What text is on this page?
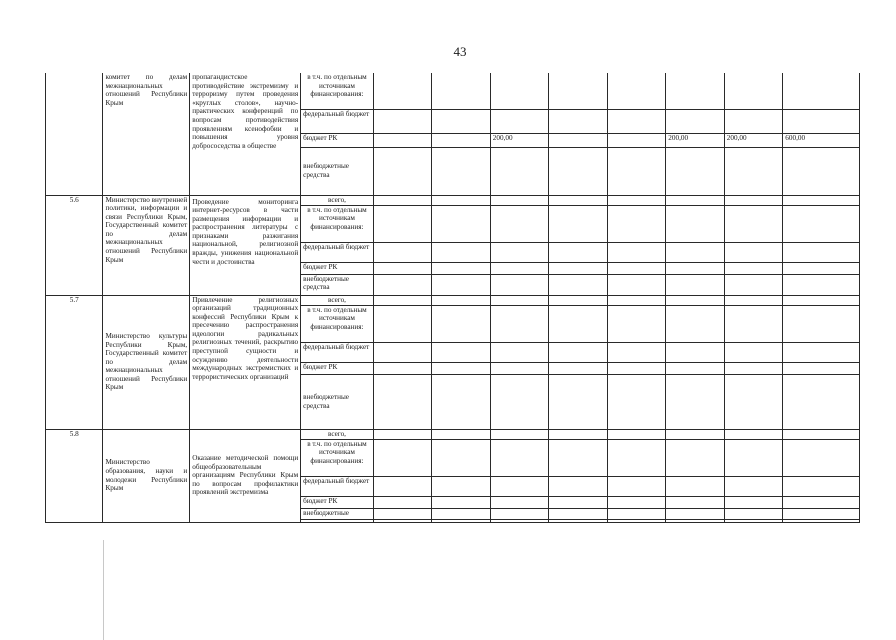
43
	комитет по делам межнациональных отношений Республики Крым	пропагандистское противодействие экстремизму и терроризму путем проведения «круглых столов», научно-практических конференций по вопросам противодействия проявлениям ксенофобии и повышения уровня добрососедства в обществе	в т.ч. по отдельным источникам финансирования:								
			федеральный бюджет								
			бюджет РК			200,00			200,00	200,00	600,00
			внебюджетные средства								
5.6	Министерство внутренней политики, информации и связи Республики Крым, Государственный комитет по делам межнациональных отношений Республики Крым	Проведение мониторинга интернет-ресурсов в части размещения информации и распространения литературы с признаками разжигания национальной, религиозной вражды, унижения национальной чести и достоинства	всего,								
			в т.ч. по отдельным источникам финансирования:								
			федеральный бюджет								
			бюджет РК								
			внебюджетные средства								
5.7	Министерство культуры Республики Крым, Государственный комитет по делам межнациональных отношений Республики Крым	Привлечение религиозных организаций традиционных конфессий Республики Крым к пресечению распространения идеологии радикальных религиозных течений, раскрытию преступной сущности и осуждению деятельности международных экстремистких и террористических организаций	всего,								
			в т.ч. по отдельным источникам финансирования:								
			федеральный бюджет								
			бюджет РК								
			внебюджетные средства								
5.8	Министерство образования, науки и молодежи Республики Крым	Оказание методической помощи общеобразовательным организациям Республики Крым по вопросам профилактики проявлений экстремизма	всего,								
			в т.ч. по отдельным источникам финансирования:								
			федеральный бюджет								
			бюджет РК								
			внебюджетные								
